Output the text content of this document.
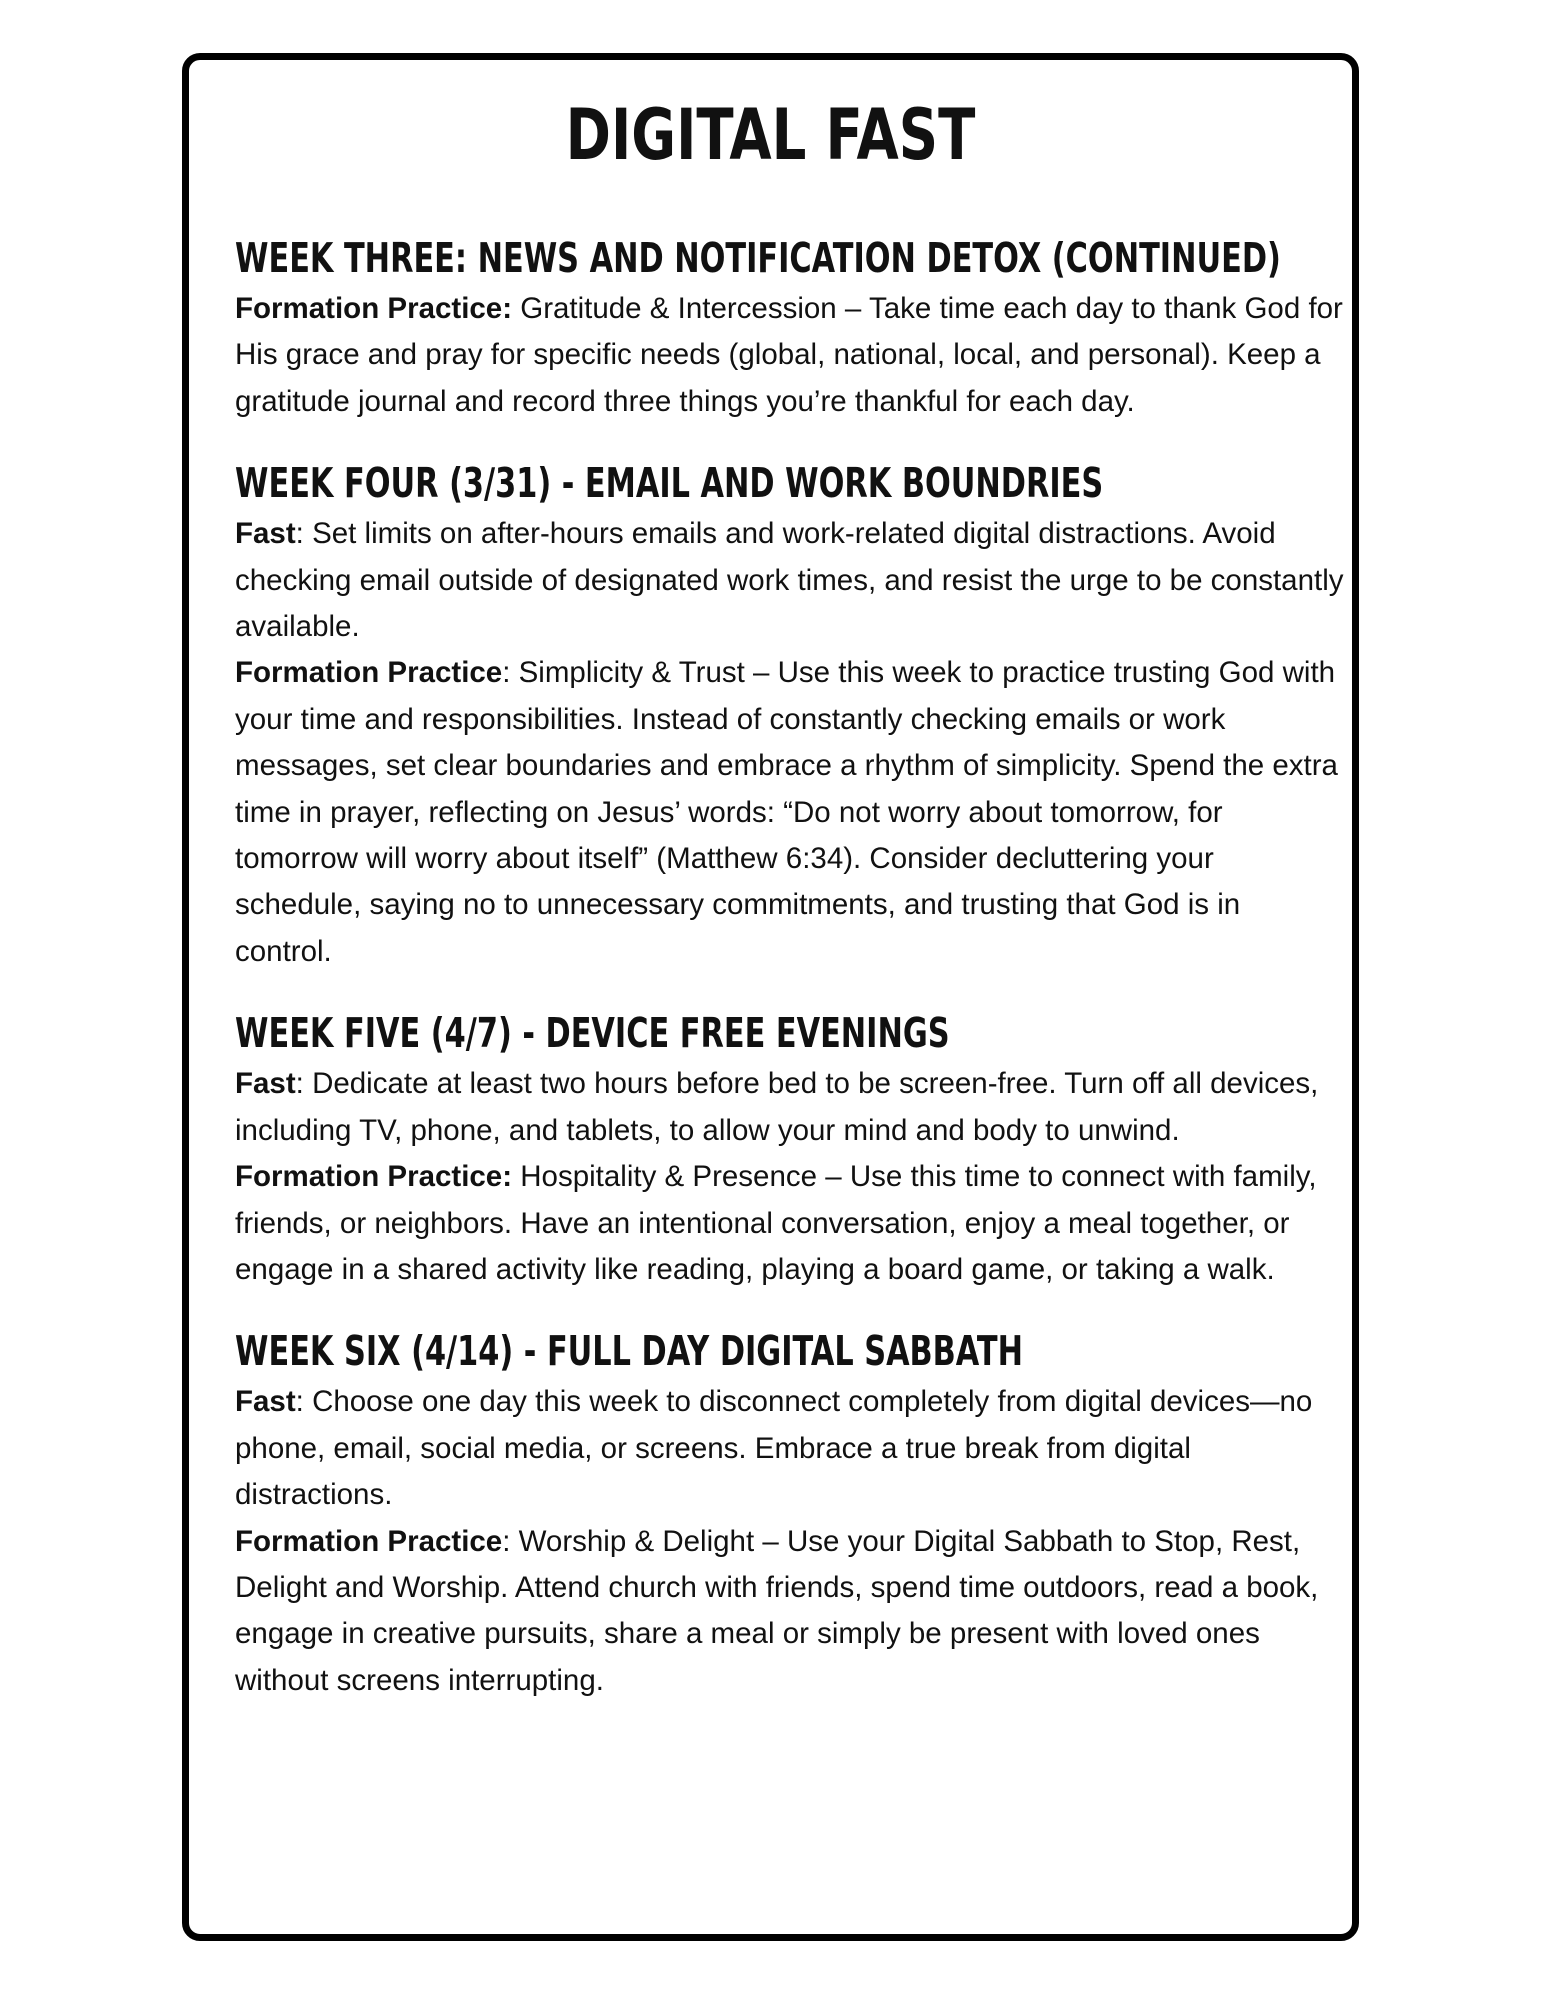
DIGITAL FAST
WEEK THREE: NEWS AND NOTIFICATION DETOX (CONTINUED)

Formation Practice: Gratitude & Intercession – Take time each day to thank God for His grace and pray for specific needs (global, national, local, and personal). Keep a gratitude journal and record three things you’re thankful for each day.

WEEK FOUR (3/31) - EMAIL AND WORK BOUNDRIES

Fast: Set limits on after-hours emails and work-related digital distractions. Avoid checking email outside of designated work times, and resist the urge to be constantly available.

Formation Practice: Simplicity & Trust – Use this week to practice trusting God with your time and responsibilities. Instead of constantly checking emails or work messages, set clear boundaries and embrace a rhythm of simplicity. Spend the extra time in prayer, reflecting on Jesus’ words: “Do not worry about tomorrow, for tomorrow will worry about itself” (Matthew 6:34). Consider decluttering your schedule, saying no to unnecessary commitments, and trusting that God is in control.

WEEK FIVE (4/7) - DEVICE FREE EVENINGS

Fast: Dedicate at least two hours before bed to be screen-free. Turn off all devices, including TV, phone, and tablets, to allow your mind and body to unwind.

Formation Practice: Hospitality & Presence – Use this time to connect with family, friends, or neighbors. Have an intentional conversation, enjoy a meal together, or engage in a shared activity like reading, playing a board game, or taking a walk.

WEEK SIX (4/14) - FULL DAY DIGITAL SABBATH

Fast: Choose one day this week to disconnect completely from digital devices—no phone, email, social media, or screens. Embrace a true break from digital distractions.

Formation Practice: Worship & Delight – Use your Digital Sabbath to Stop, Rest, Delight and Worship. Attend church with friends, spend time outdoors, read a book, engage in creative pursuits, share a meal or simply be present with loved ones without screens interrupting.
